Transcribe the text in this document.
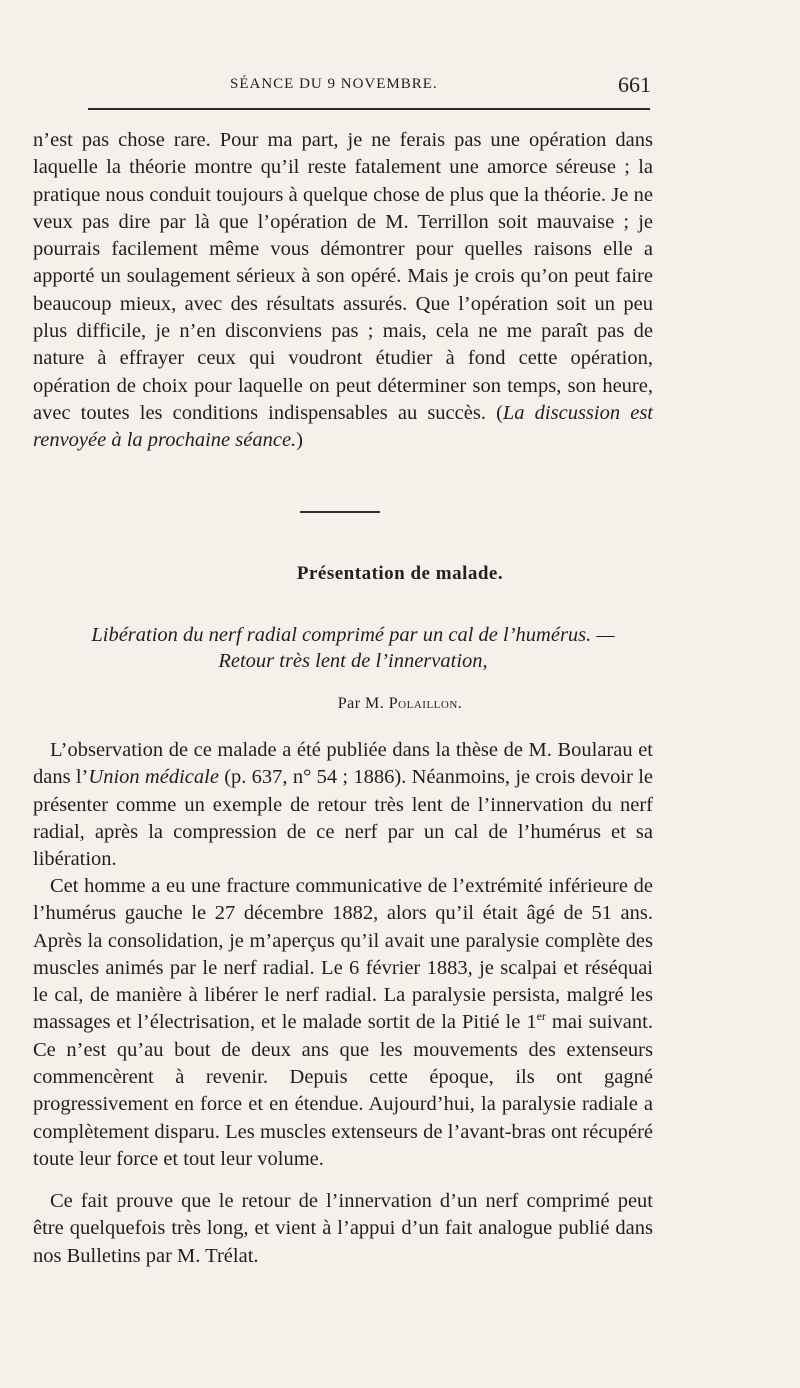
SÉANCE DU 9 NOVEMBRE.	661

n’est pas chose rare. Pour ma part, je ne ferais pas une opération dans laquelle la théorie montre qu’il reste fatalement une amorce séreuse ; la pratique nous conduit toujours à quelque chose de plus que la théorie. Je ne veux pas dire par là que l’opération de M. Terrillon soit mauvaise ; je pourrais facilement même vous démontrer pour quelles raisons elle a apporté un soulagement sérieux à son opéré. Mais je crois qu’on peut faire beaucoup mieux, avec des résultats assurés. Que l’opération soit un peu plus difficile, je n’en disconviens pas ; mais, cela ne me paraît pas de nature à effrayer ceux qui voudront étudier à fond cette opération, opération de choix pour laquelle on peut déterminer son temps, son heure, avec toutes les conditions indispensables au succès. (La discussion est renvoyée à la prochaine séance.)

Présentation de malade.
Libération du nerf radial comprimé par un cal de l’humérus. —
Retour très lent de l’innervation,
Par M. Polaillon.

L’observation de ce malade a été publiée dans la thèse de M. Boularau et dans l’Union médicale (p. 637, n° 54 ; 1886). Néanmoins, je crois devoir le présenter comme un exemple de retour très lent de l’innervation du nerf radial, après la compression de ce nerf par un cal de l’humérus et sa libération.

Cet homme a eu une fracture communicative de l’extrémité inférieure de l’humérus gauche le 27 décembre 1882, alors qu’il était âgé de 51 ans. Après la consolidation, je m’aperçus qu’il avait une paralysie complète des muscles animés par le nerf radial. Le 6 février 1883, je scalpai et réséquai le cal, de manière à libérer le nerf radial. La paralysie persista, malgré les massages et l’électrisation, et le malade sortit de la Pitié le 1er mai suivant. Ce n’est qu’au bout de deux ans que les mouvements des extenseurs commencèrent à revenir. Depuis cette époque, ils ont gagné progressivement en force et en étendue. Aujourd’hui, la paralysie radiale a complètement disparu. Les muscles extenseurs de l’avant-bras ont récupéré toute leur force et tout leur volume.

Ce fait prouve que le retour de l’innervation d’un nerf comprimé peut être quelquefois très long, et vient à l’appui d’un fait analogue publié dans nos Bulletins par M. Trélat.
